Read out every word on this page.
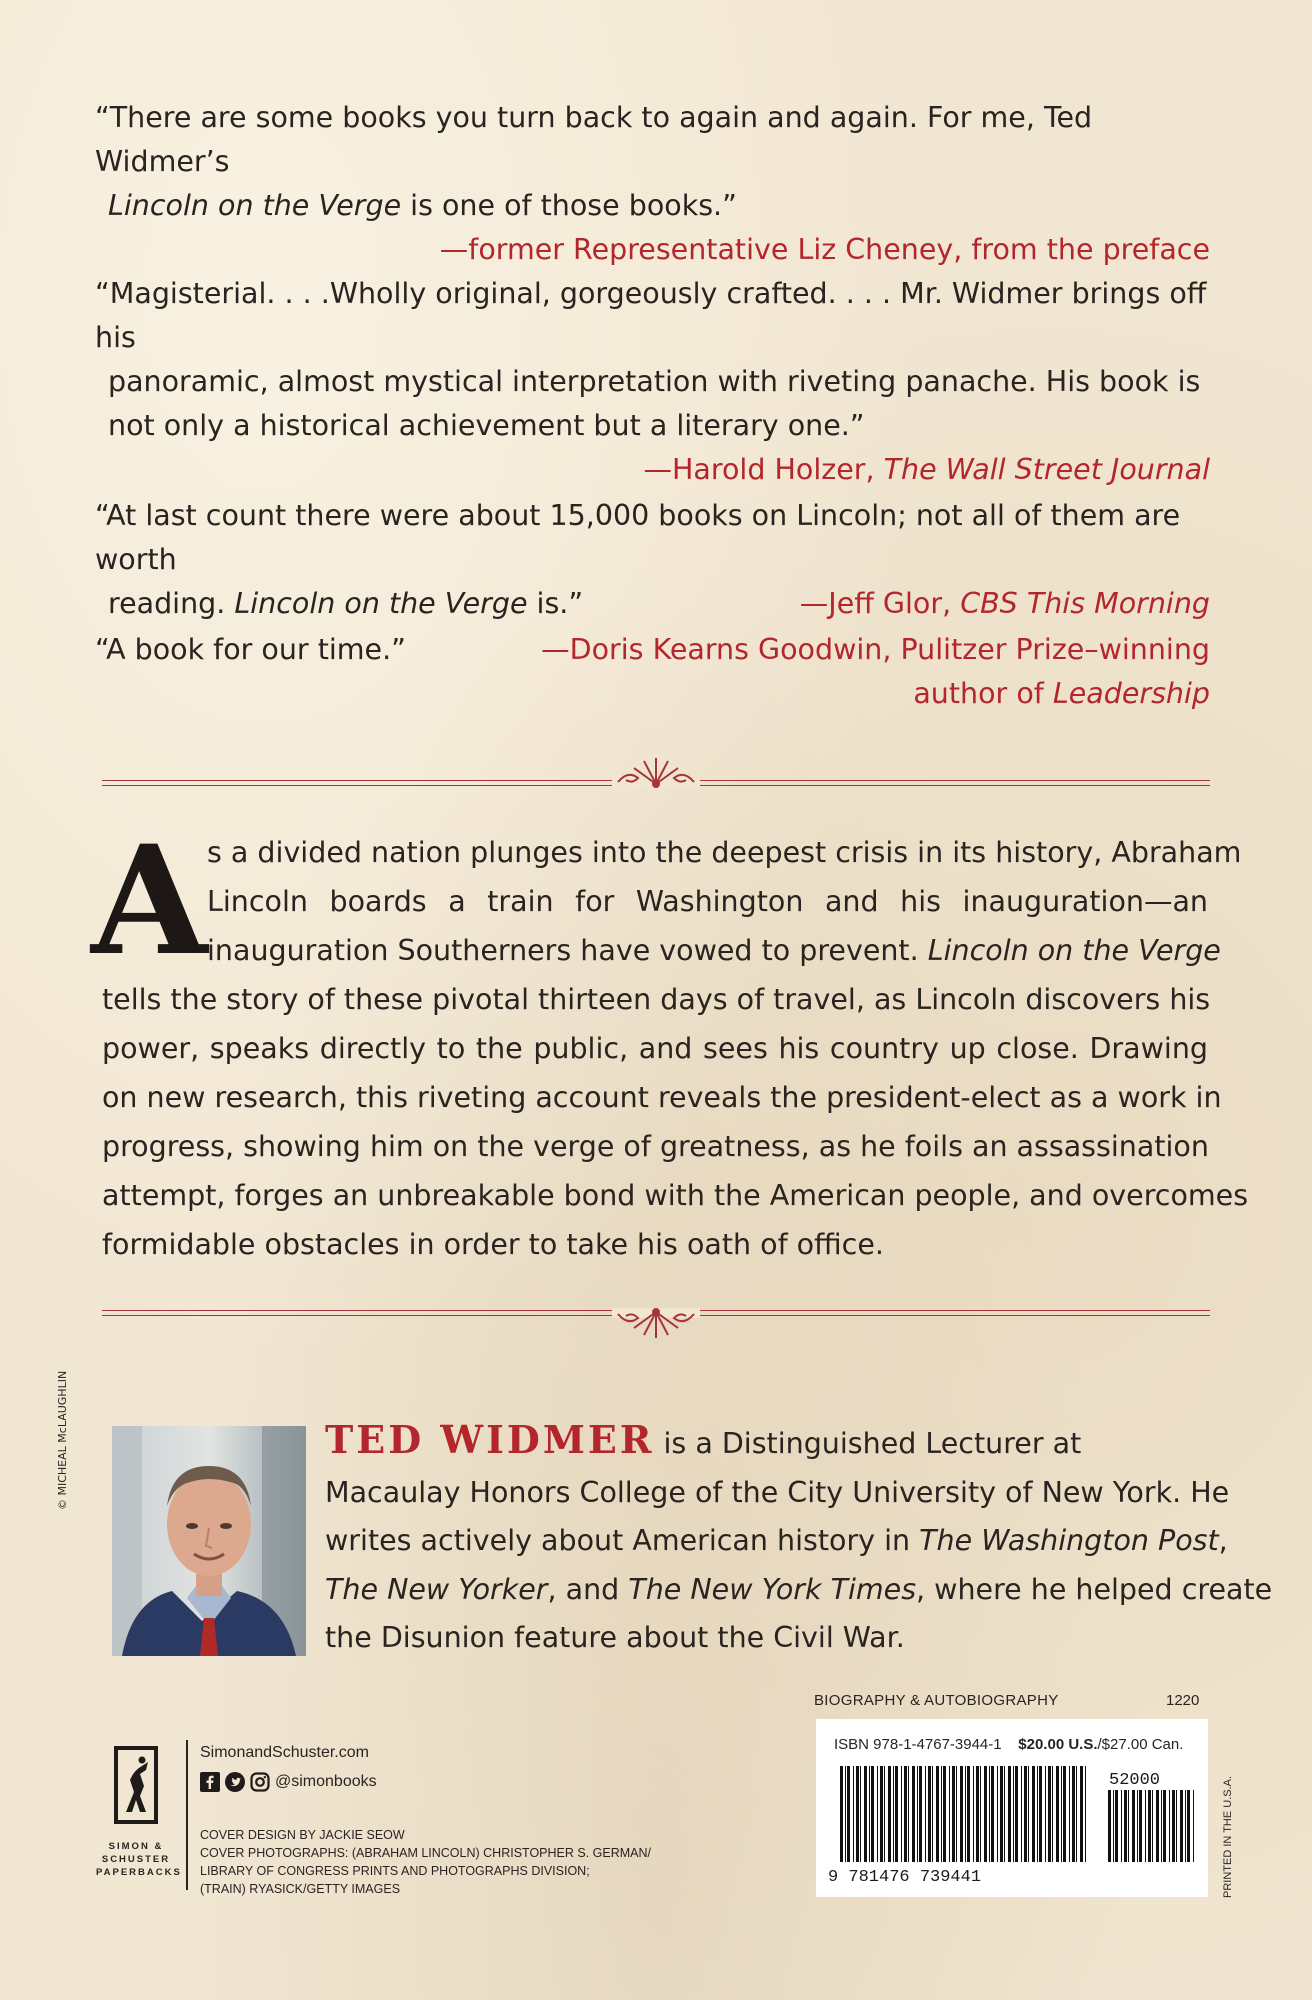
“There are some books you turn back to again and again. For me, Ted Widmer’s

Lincoln on the Verge is one of those books.”

—former Representative Liz Cheney, from the preface

“Magisterial. . . .Wholly original, gorgeously crafted. . . . Mr. Widmer brings off his

panoramic, almost mystical interpretation with riveting panache. His book is

not only a historical achievement but a literary one.”

—Harold Holzer, The Wall Street Journal

“At last count there were about 15,000 books on Lincoln; not all of them are worth

reading. Lincoln on the Verge is.”	—Jeff Glor, CBS This Morning

“A book for our time.”	—Doris Kearns Goodwin, Pulitzer Prize–winning

author of Leadership
A s a divided nation plunges into the deepest crisis in its history, Abraham
Lincoln boards a train for Washington and his inauguration—an
inauguration Southerners have vowed to prevent. Lincoln on the Verge
tells the story of these pivotal thirteen days of travel, as Lincoln discovers his
power, speaks directly to the public, and sees his country up close. Drawing
on new research, this riveting account reveals the president-elect as a work in
progress, showing him on the verge of greatness, as he foils an assassination
attempt, forges an unbreakable bond with the American people, and overcomes
formidable obstacles in order to take his oath of office.
© MICHEAL McLAUGHLIN	TED WIDMER is a Distinguished Lecturer at
Macaulay Honors College of the City University of New York. He
writes actively about American history in The Washington Post,
The New Yorker, and The New York Times, where he helped create
the Disunion feature about the Civil War.
BIOGRAPHY & AUTOBIOGRAPHY	1220
ISBN 978-1-4767-3944-1 $20.00 U.S./$27.00 Can.
9 781476 739441
52000	PRINTED IN THE U.S.A.
SIMON &
SCHUSTER
PAPERBACKS
SimonandSchuster.com
@simonbooks
COVER DESIGN BY JACKIE SEOW
COVER PHOTOGRAPHS: (ABRAHAM LINCOLN) CHRISTOPHER S. GERMAN/
LIBRARY OF CONGRESS PRINTS AND PHOTOGRAPHS DIVISION;
(TRAIN) RYASICK/GETTY IMAGES
